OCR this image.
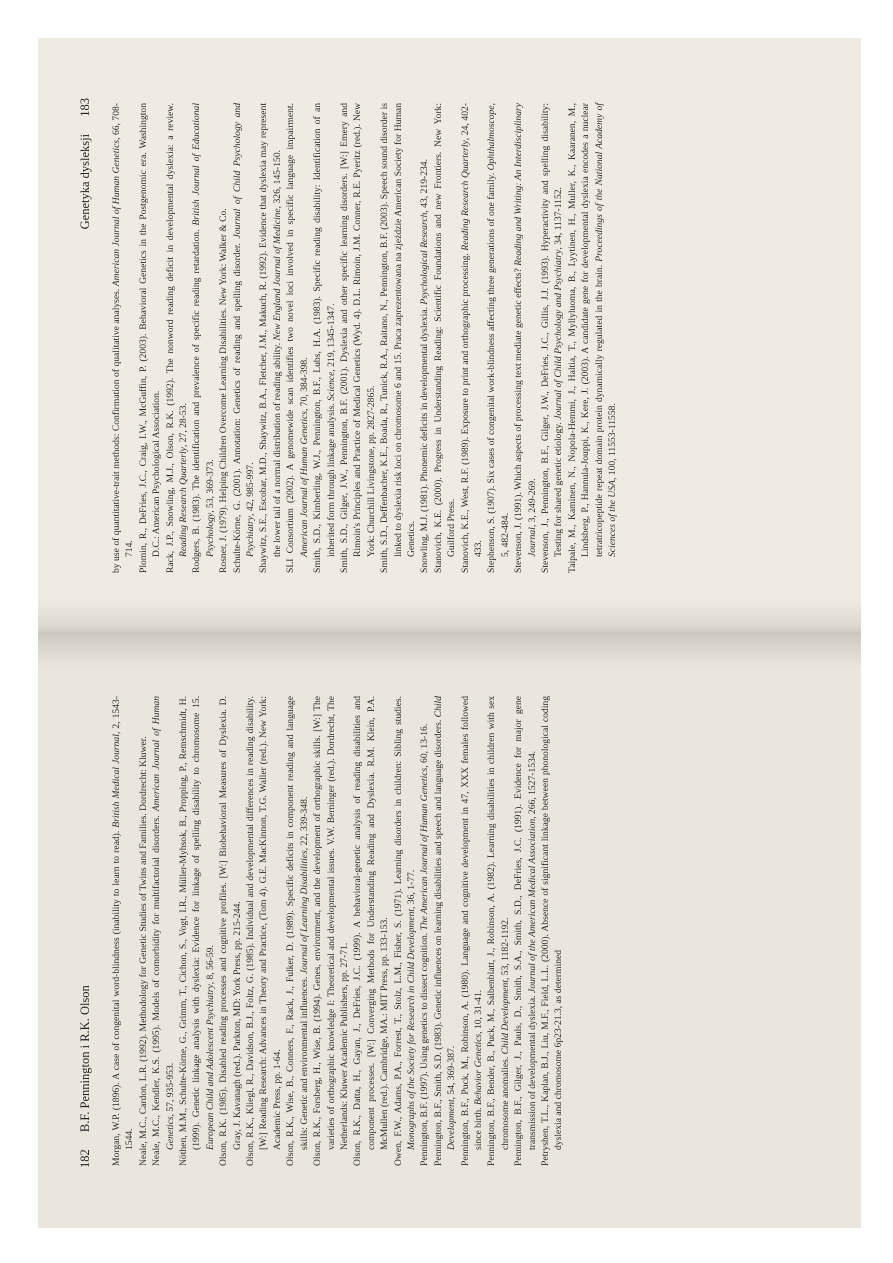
182 B.F. Pennington i R.K. Olson Morgan, W.P. (1896). A case of congenital word-blindness (inability to learn to read). British Medical Journal, 2, 1543-1544. Neale, M.C., Cardon, L.R. (1992). Methodology for Genetic Studies of Twins and Families. Dordrecht: Kluwer. Neale, M.C., Kendler, K.S. (1995). Models of comorbidity for multifactorial disorders. American Journal of Human Genetics, 57, 935-953. Nöthen, M.M., Schulte-Körne, G., Grimm, T., Cichon, S., Vogt, I.R., Müller-Myhsok, B., Propping, P., Remschmidt, H. (1999). Genetic linkage analysis with dyslexia: Evidence for linkage of spelling disability to chromosome 15. European Child and Adolescent Psychiatry, 8, 56-59. Olson, R.K. (1985). Disabled reading processes and cognitive profiles. [W:] Biobehavioral Measures of Dyslexia. D. Gray, J. Kavanagh (red.). Parkton, MD: York Press, pp. 215-244. Olson, R.K., Kliegl, R., Davidson, B.J., Foltz, G. (1985). Individual and developmental differences in reading disability. [W:] Reading Research: Advances in Theory and Practice, (Tom 4). G.E. MacKinnon, T.G. Waller (red.). New York: Academic Press, pp. 1-64. Olson, R.K., Wise, B., Conners, F., Rack, J., Fulker, D. (1989). Specific deficits in component reading and language skills: Genetic and environmental influences. Journal of Learning Disabilities, 22, 339-348. Olson, R.K., Forsberg, H., Wise, B. (1994). Genes, environment, and the development of orthographic skills. [W:] The varieties of orthographic knowledge I: Theoretical and developmental issues. V.W. Berninger (red.). Dordrecht, The Netherlands: Kluwer Academic Publishers, pp. 27-71. Olson, R.K., Datta, H., Gayan, J., DeFries, J.C. (1999). A behavioral-genetic analysis of reading disabilities and component processes. [W:] Converging Methods for Understanding Reading and Dyslexia. R.M. Klein, P.A. McMullen (red.). Cambridge, MA.: MIT Press, pp. 133-153. Owen, F.W., Adams, P.A., Forrest, T., Stolz, L.M., Fisher, S. (1971). Learning disorders in children: Sibling studies. Monographs of the Society for Research in Child Development, 36, 1-77.

Pennington, B.F. (1997). Using genetics to dissect cognition. The American Journal of Human Genetics, 60, 13-16. Pennington, B.F., Smith, S.D. (1983). Genetic influences on learning disabilities and speech and language disorders. Child Development, 54, 369-387. Pennington, B.F., Puck, M., Robinson, A. (1980). Language and cognitive development in 47, XXX females followed since birth. Behavior Genetics, 10, 31-41. Pennington, B.F., Bender, B., Puck, M., Salbenblatt, J., Robinson, A. (1982). Learning disabilities in children with sex chromosome anomalies. Child Development, 53, 1182-1192. Pennington, B.F., Gilger, J., Pauls, D., Smith, S.A., Smith, S.D., DeFries, J.C. (1991). Evidence for major gene transmission of developmental dyslexia. Journal of the American Medical Association, 266, 1527-1534. Petryshen, T.L., Kaplan, B.J., Liu, M.F., Field, L.L. (2000). Absence of significant linkage between phonological coding dyslexia and chromosome 6p23-21.3, as determined

Genetyka dysleksji 183

by use of quantitative-trait methods: Confirmation of qualitative analyses. American Journal of Human Genetics, 66, 708-714. Plomin, R., DeFries, J.C., Craig, I.W., McGuffin, P. (2003). Behavioral Genetics in the Postgenomic era. Washington D.C.: American Psychological Association. Rack, J.P., Snowling, M.J., Olson, R.K. (1992). The nonword reading deficit in developmental dyslexia: a review. Reading Research Quarterly, 27, 28-53. Rodgers, B. (1983). The identification and prevalence of specific reading retardation. British Journal of Educational Psychology, 53, 369-373. Rosner, J. (1979). Helping Children Overcome Learning Disabilities. New York: Walker & Co. Schulte-Körne, G. (2001). Annotation: Genetics of reading and spelling disorder. Journal of Child Psychology and Psychiatry, 42, 985-997. Shaywitz, S.E., Escobar, M.D., Shaywitz, B.A., Fletcher, J.M., Makuch, R. (1992). Evidence that dyslexia may represent the lower tail of a normal distribution of reading ability. New England Journal of Medicine, 326, 145-150. SLI Consortium (2002). A genomewide scan identifies two novel loci involved in specific language impairment. American Journal of Human Genetics, 70, 384-398. Smith, S.D., Kimberling, W.J., Pennington, B.F., Lubs, H.A. (1983). Specific reading disability: Identification of an inherited form through linkage analysis. Science, 219, 1345-1347. Smith, S.D., Gilger, J.W., Pennington, B.F. (2001). Dyslexia and other specific learning disorders. [W:] Emery and Rimoin's Principles and Practice of Medical Genetics (Wyd. 4). D.L. Rimoin, J.M. Conner, R.E. Pyeritz (red.). New York: Churchill Livingstone, pp. 2827-2865. Smith, S.D., Deffenbacher, K.E., Boada, R., Tunick, R.A., Raitano, N., Pennington, B.F. (2003). Speech sound disorder is linked to dyslexia risk loci on chromosome 6 and 15. Praca zaprezentowana na zjeździe American Society for Human Genetics. Snowling, M.J. (1981). Phonemic deficits in developmental dyslexia. Psychological Research, 43, 219-234. Stanovich, K.E. (2000). Progress in Understanding Reading: Scientific Foundations and new Frontiers. New York: Guilford Press. Stanovich, K.E., West, R.F. (1989). Exposure to print and orthographic processing. Reading Research Quarterly, 24, 402-433. Stephenson, S. (1907). Six cases of congenital work-blindness affecting three generations of one family. Ophthalmoscope, 5, 482-484. Stevenson, J. (1991). Which aspects of processing text mediate genetic effects? Reading and Writing: An Interdisciplinary Journal, 3, 249-269. Stevenson, J., Pennington, B.F., Gilger, J.W., DeFries, J.C., Gillis, J.J. (1993). Hyperactivity and spelling disability: Testing for shared genetic etiology. Journal of Child Psychology and Psychiatry, 34, 1137-1152. Taipale, M., Kaminen, N., Nopola-Hemmi, J., Haltia, T., Myllyluoma, B., Lyytinen, H., Muller, K., Kaaranen, M., Lindsberg, P., Hannula-Jouppi, K., Kere, J. (2003). A candidate gene for developmental dyslexia encodes a nuclear tetratricopeptide repeat domain protein dynamically regulated in the brain. Proceedings of the National Academy of Sciences of the USA, 100, 11553-11558.
